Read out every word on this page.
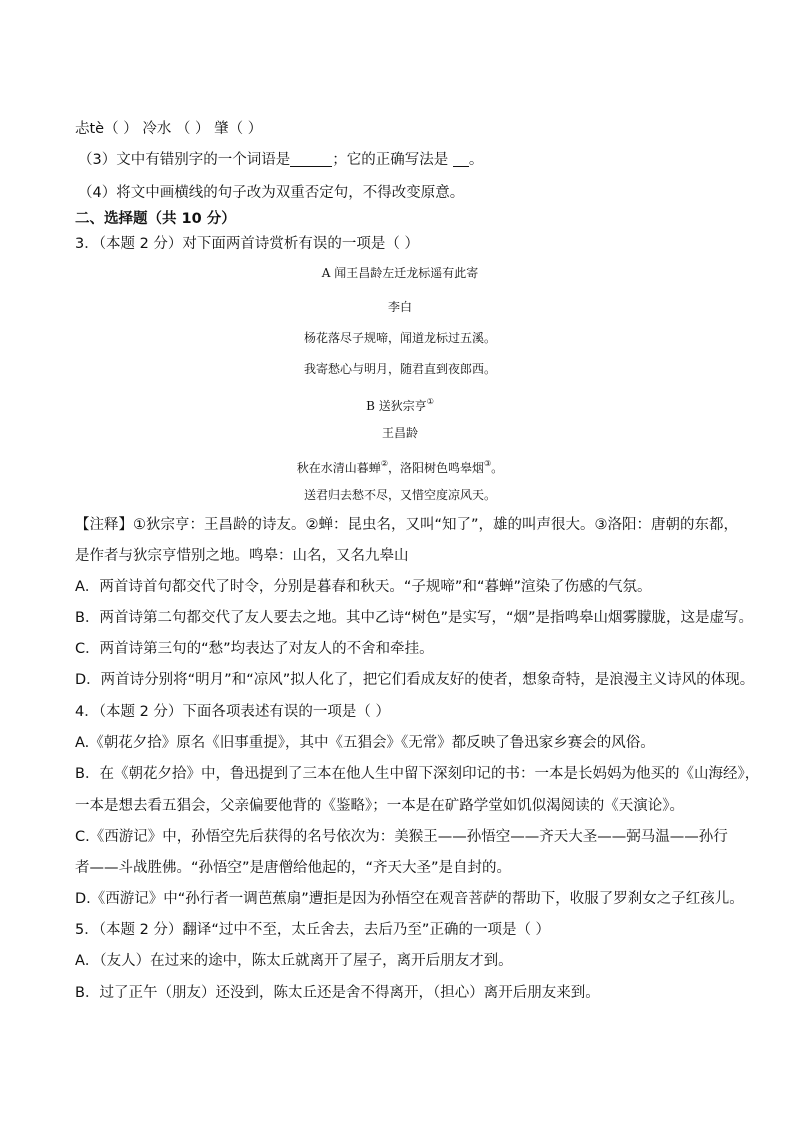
忐tè（ ） 冷水 （ ） 肇（ ）
（3）文中有错别字的一个词语是	；它的正确写法是 。
（4）将文中画横线的句子改为双重否定句，不得改变原意。
二、选择题（共 10 分）
3．（本题 2 分）对下面两首诗赏析有误的一项是（ ）
A 闻王昌龄左迁龙标遥有此寄
李白
杨花落尽子规啼，闻道龙标过五溪。
我寄愁心与明月，随君直到夜郎西。
B 送狄宗亨①
王昌龄
秋在水清山暮蝉②，洛阳树色鸣皋烟③。
送君归去愁不尽，又惜空度凉风天。
【注释】①狄宗亨：王昌龄的诗友。②蝉：昆虫名，又叫“知了”，雄的叫声很大。③洛阳：唐朝的东都，
是作者与狄宗亨惜别之地。鸣皋：山名，又名九皋山
A．两首诗首句都交代了时令，分别是暮春和秋天。“子规啼”和“暮蝉”渲染了伤感的气氛。
B．两首诗第二句都交代了友人要去之地。其中乙诗“树色”是实写，“烟”是指鸣皋山烟雾朦胧，这是虚写。
C．两首诗第三句的“愁”均表达了对友人的不舍和牵挂。
D．两首诗分别将“明月”和“凉风”拟人化了，把它们看成友好的使者，想象奇特，是浪漫主义诗风的体现。
4．（本题 2 分）下面各项表述有误的一项是（ ）
A.《朝花夕拾》原名《旧事重提》，其中《五猖会》《无常》都反映了鲁迅家乡赛会的风俗。
B．在《朝花夕拾》中，鲁迅提到了三本在他人生中留下深刻印记的书：一本是长妈妈为他买的《山海经》，
一本是想去看五猖会，父亲偏要他背的《鉴略》；一本是在矿路学堂如饥似渴阅读的《天演论》。
C.《西游记》中，孙悟空先后获得的名号依次为：美猴王——孙悟空——齐天大圣——弼马温——孙行
者——斗战胜佛。“孙悟空”是唐僧给他起的，“齐天大圣”是自封的。
D.《西游记》中“孙行者一调芭蕉扇”遭拒是因为孙悟空在观音菩萨的帮助下，收服了罗刹女之子红孩儿。
5．（本题 2 分）翻译“过中不至，太丘舍去，去后乃至”正确的一项是（ ）
A．（友人）在过来的途中，陈太丘就离开了屋子，离开后朋友才到。
B．过了正午（朋友）还没到，陈太丘还是舍不得离开，（担心）离开后朋友来到。
